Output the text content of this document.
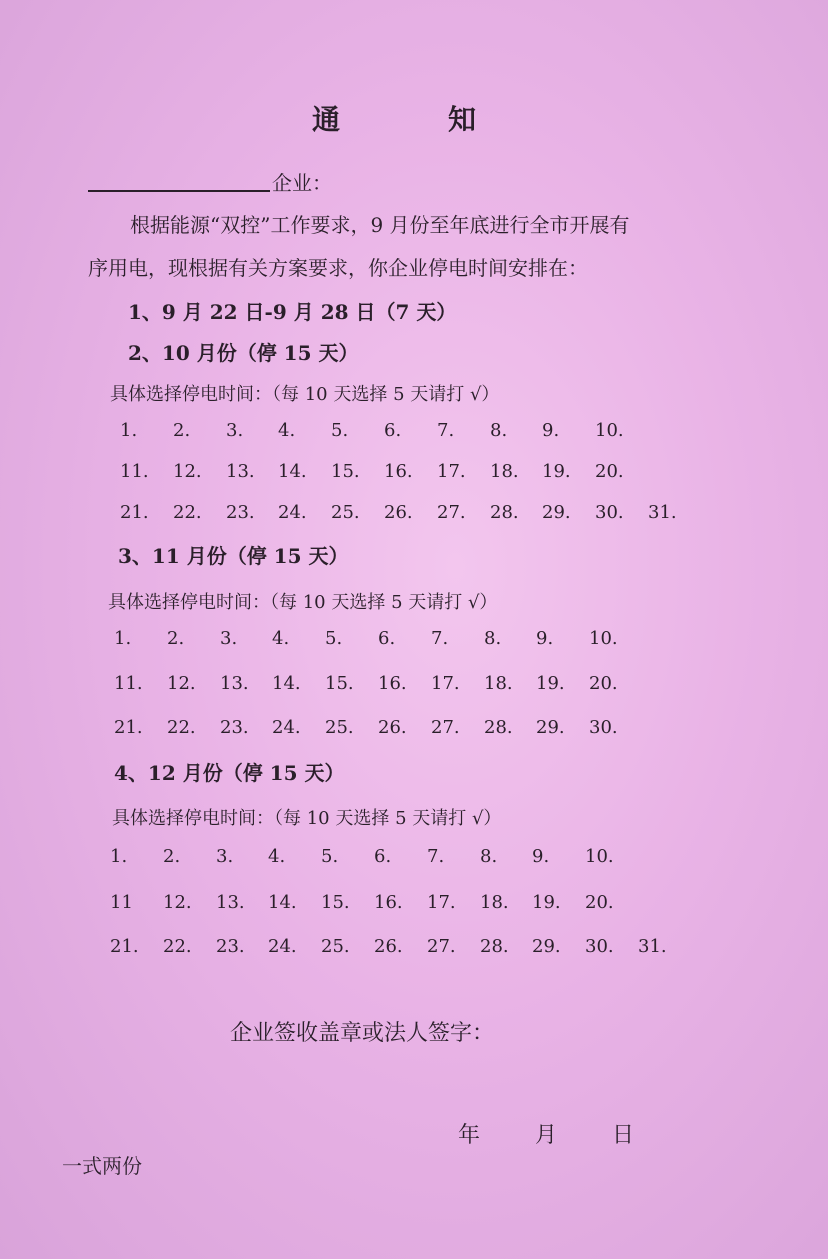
通　知
企业：
根据能源“双控”工作要求，9 月份至年底进行全市开展有
序用电，现根据有关方案要求，你企业停电时间安排在：
1、9 月 22 日-9 月 28 日（7 天）
2、10 月份（停 15 天）
具体选择停电时间：（每 10 天选择 5 天请打 √）
1. 2. 3. 4. 5. 6. 7. 8. 9. 10.
11. 12. 13. 14. 15. 16. 17. 18. 19. 20.
21. 22. 23. 24. 25. 26. 27. 28. 29. 30. 31.
3、11 月份（停 15 天）
具体选择停电时间：（每 10 天选择 5 天请打 √）
1. 2. 3. 4. 5. 6. 7. 8. 9. 10.
11. 12. 13. 14. 15. 16. 17. 18. 19. 20.
21. 22. 23. 24. 25. 26. 27. 28. 29. 30.
4、12 月份（停 15 天）
具体选择停电时间：（每 10 天选择 5 天请打 √）
1. 2. 3. 4. 5. 6. 7. 8. 9. 10.
11 12. 13. 14. 15. 16. 17. 18. 19. 20.
21. 22. 23. 24. 25. 26. 27. 28. 29. 30. 31.
企业签收盖章或法人签字：
年 月 日
一式两份
